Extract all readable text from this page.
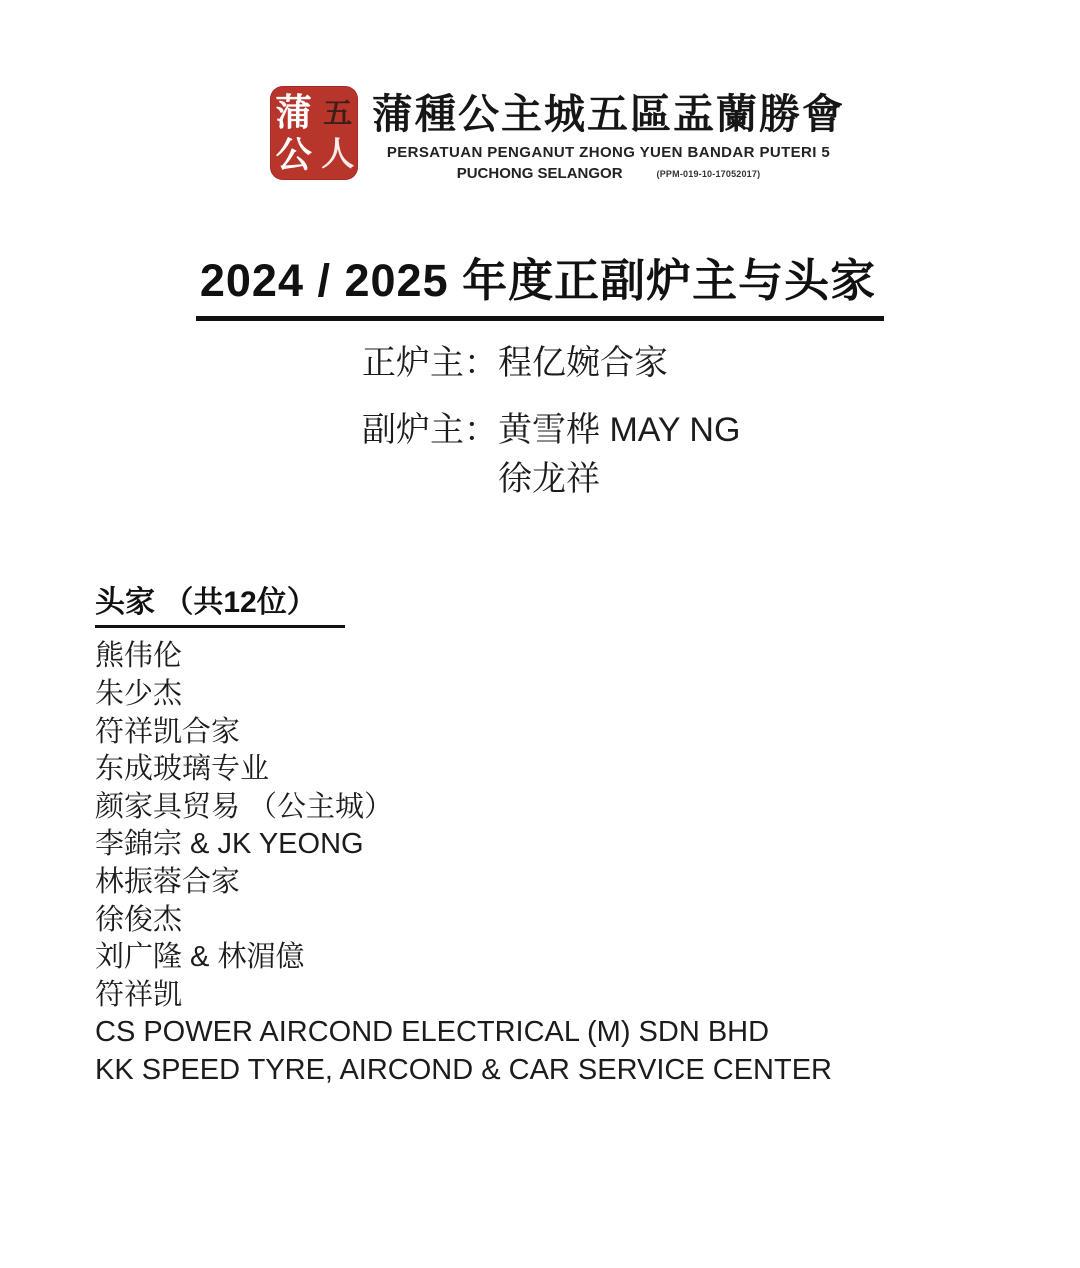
蒲 五
公 人
蒲種公主城五區盂蘭勝會
PERSATUAN PENGANUT ZHONG YUEN BANDAR PUTERI 5
PUCHONG SELANGOR	(PPM-019-10-17052017)
2024 / 2025 年度正副炉主与头家
正炉主： 程亿婉合家
副炉主： 黄雪桦 MAY NG
徐龙祥
头家 （共12位）
熊伟伦
朱少杰
符祥凯合家
东成玻璃专业
颜家具贸易 （公主城）
李錦宗 & JK YEONG
林振蓉合家
徐俊杰
刘广隆 & 林湄億
符祥凯
CS POWER AIRCOND ELECTRICAL (M) SDN BHD
KK SPEED TYRE, AIRCOND & CAR SERVICE CENTER
